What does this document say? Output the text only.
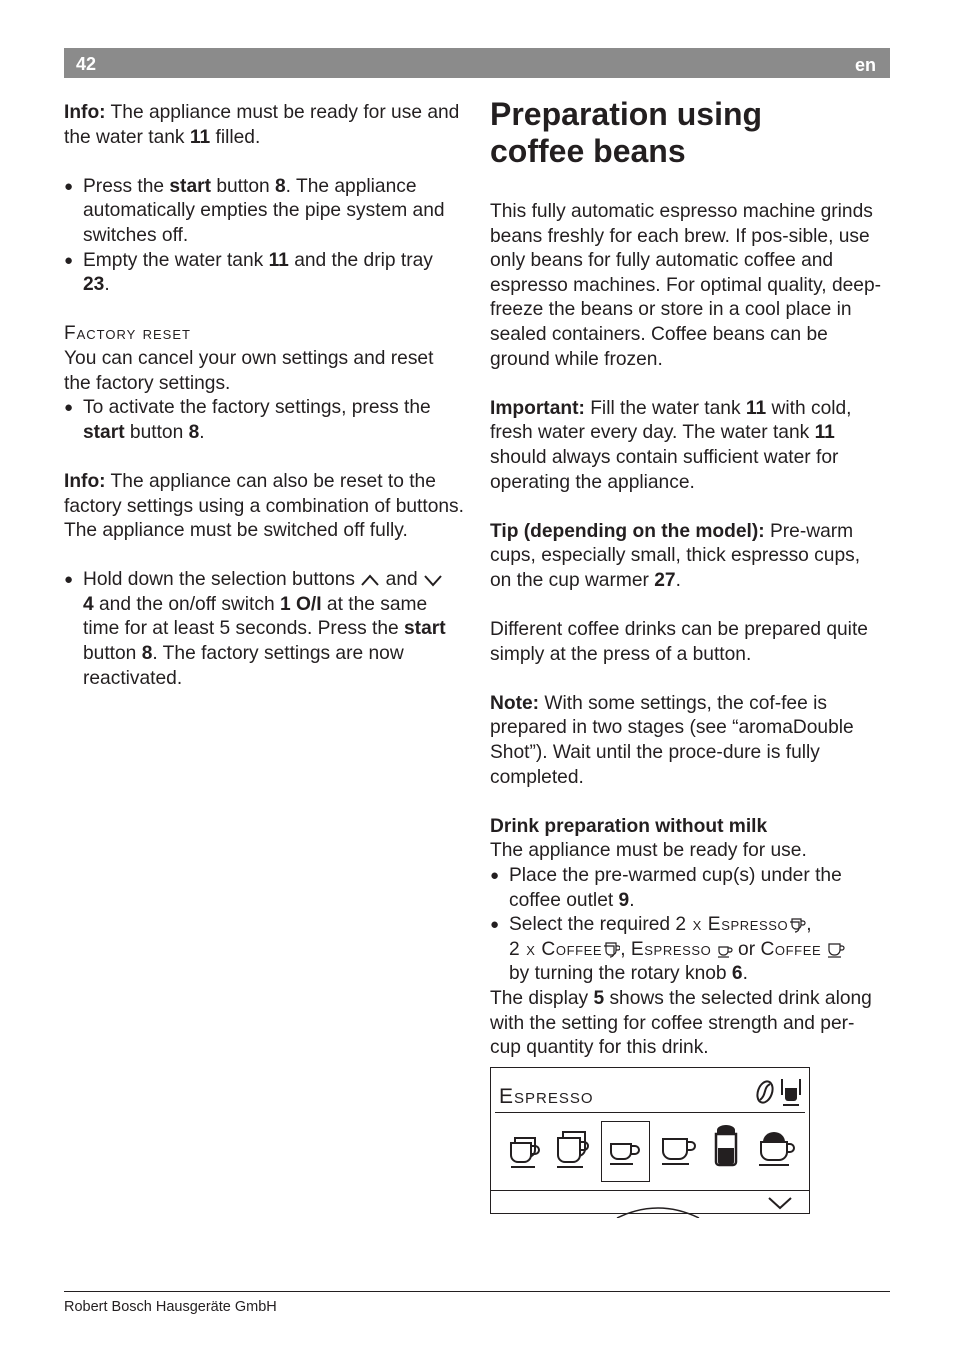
42	en

Info: The appliance must be ready for use and the water tank 11 filled.

● Press the start button 8. The appliance automatically empties the pipe system and switches off.
● Empty the water tank 11 and the drip tray 23.

Factory reset

You can cancel your own settings and reset the factory settings.

● To activate the factory settings, press the start button 8.

Info: The appliance can also be reset to the factory settings using a combination of buttons. The appliance must be switched off fully.

● Hold down the selection buttons
and

4 and the on/off switch 1 O/I at the same time for at least 5 seconds. Press the start button 8. The factory settings are now reactivated.
Preparation using
coffee beans

This fully automatic espresso machine grinds beans freshly for each brew. If pos-sible, use only beans for fully automatic coffee and espresso machines. For optimal quality, deep-freeze the beans or store in a cool place in sealed containers. Coffee beans can be ground while frozen.

Important: Fill the water tank 11 with cold, fresh water every day. The water tank 11 should always contain sufficient water for operating the appliance.

Tip (depending on the model): Pre-warm cups, especially small, thick espresso cups, on the cup warmer 27.

Different coffee drinks can be prepared quite simply at the press of a button.

Note: With some settings, the cof-fee is prepared in two stages (see “aromaDouble Shot”). Wait until the proce-dure is fully completed.

Drink preparation without milk

The appliance must be ready for use.

● Place the pre-warmed cup(s) under the coffee outlet 9.
● Select the required 2 x Espresso ,
2 x Coffee , Espresso or Coffee

by turning the rotary knob 6.

The display 5 shows the selected drink along with the setting for coffee strength and per-cup quantity for this drink.

Espresso
Robert Bosch Hausgeräte GmbH
